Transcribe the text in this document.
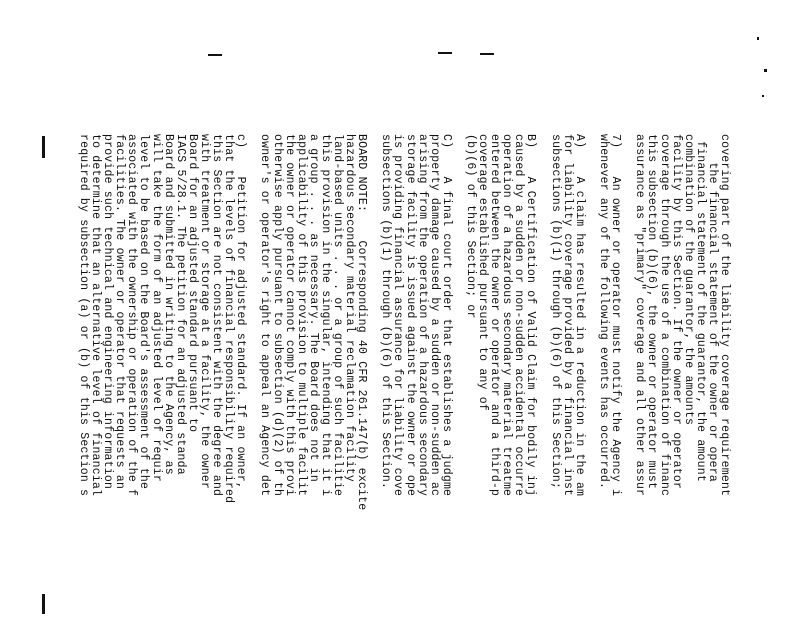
covering part of the liability coverage requirement
the financial statement of the owner or opera
financial statement of the guarantor, the amount
combination of the guarantor, the amounts
facility by this Section. If the owner or operator
coverage through the use of a combination of financ
this subsection (b)(6), the owner or operator must
assurance as "primary" coverage and all other assur
7)    An owner or operator must notify the Agency i
whenever any of the following events has occurred.
A)    A claim has resulted in a reduction in the am
for liability coverage provided by a financial inst
subsections (b)(1) through (b)(6) of this Section;
B)    A Certification of Valid Claim for bodily inj
caused by a sudden or non-sudden accidental occurre
operation of a hazardous secondary material treatme
entered between the owner or operator and a third-p
coverage established pursuant to any of
(b)(6) of this Section; or
C)    A final court order that establishes a judgme
property damage caused by a sudden or non-sudden ac
arising from the operation of a hazardous secondary
storage facility is issued against the owner or ope
is providing financial assurance for liability cove
subsections (b)(1) through (b)(6) of this Section.
BOARD NOTE:    Corresponding 40 CFR 261.147(b) excite
hazardous secondary material reclamation facility
land-based units . . . or a group of such facilitie
this provision in the singular, intending that it i
a group . . . as necessary. The Board does not in
applicability of this provision to multiple facilit
the owner or operator cannot comply with this provi
otherwise apply pursuant to subsection (d)(2) of th
owner's or operator's right to appeal an Agency det
c)    Petition for adjusted standard. If an owner,
that the levels of financial responsibility required
this Section are not consistent with the degree and
with treatment or storage at a facility, the owner
Board for an adjusted standard pursuant to
IACS 5/28.1. The petition for an adjusted standa
Board and submitted in writing to the Agency, as
will take the form of an adjusted level of requir
level to be based on the Board's assessment of the
associated with the ownership or operation of the f
facilities. The owner or operator that requests an
provide such technical and engineering information
to determine that an alternative level of financial
required by subsection (a) or (b) of this Section s
